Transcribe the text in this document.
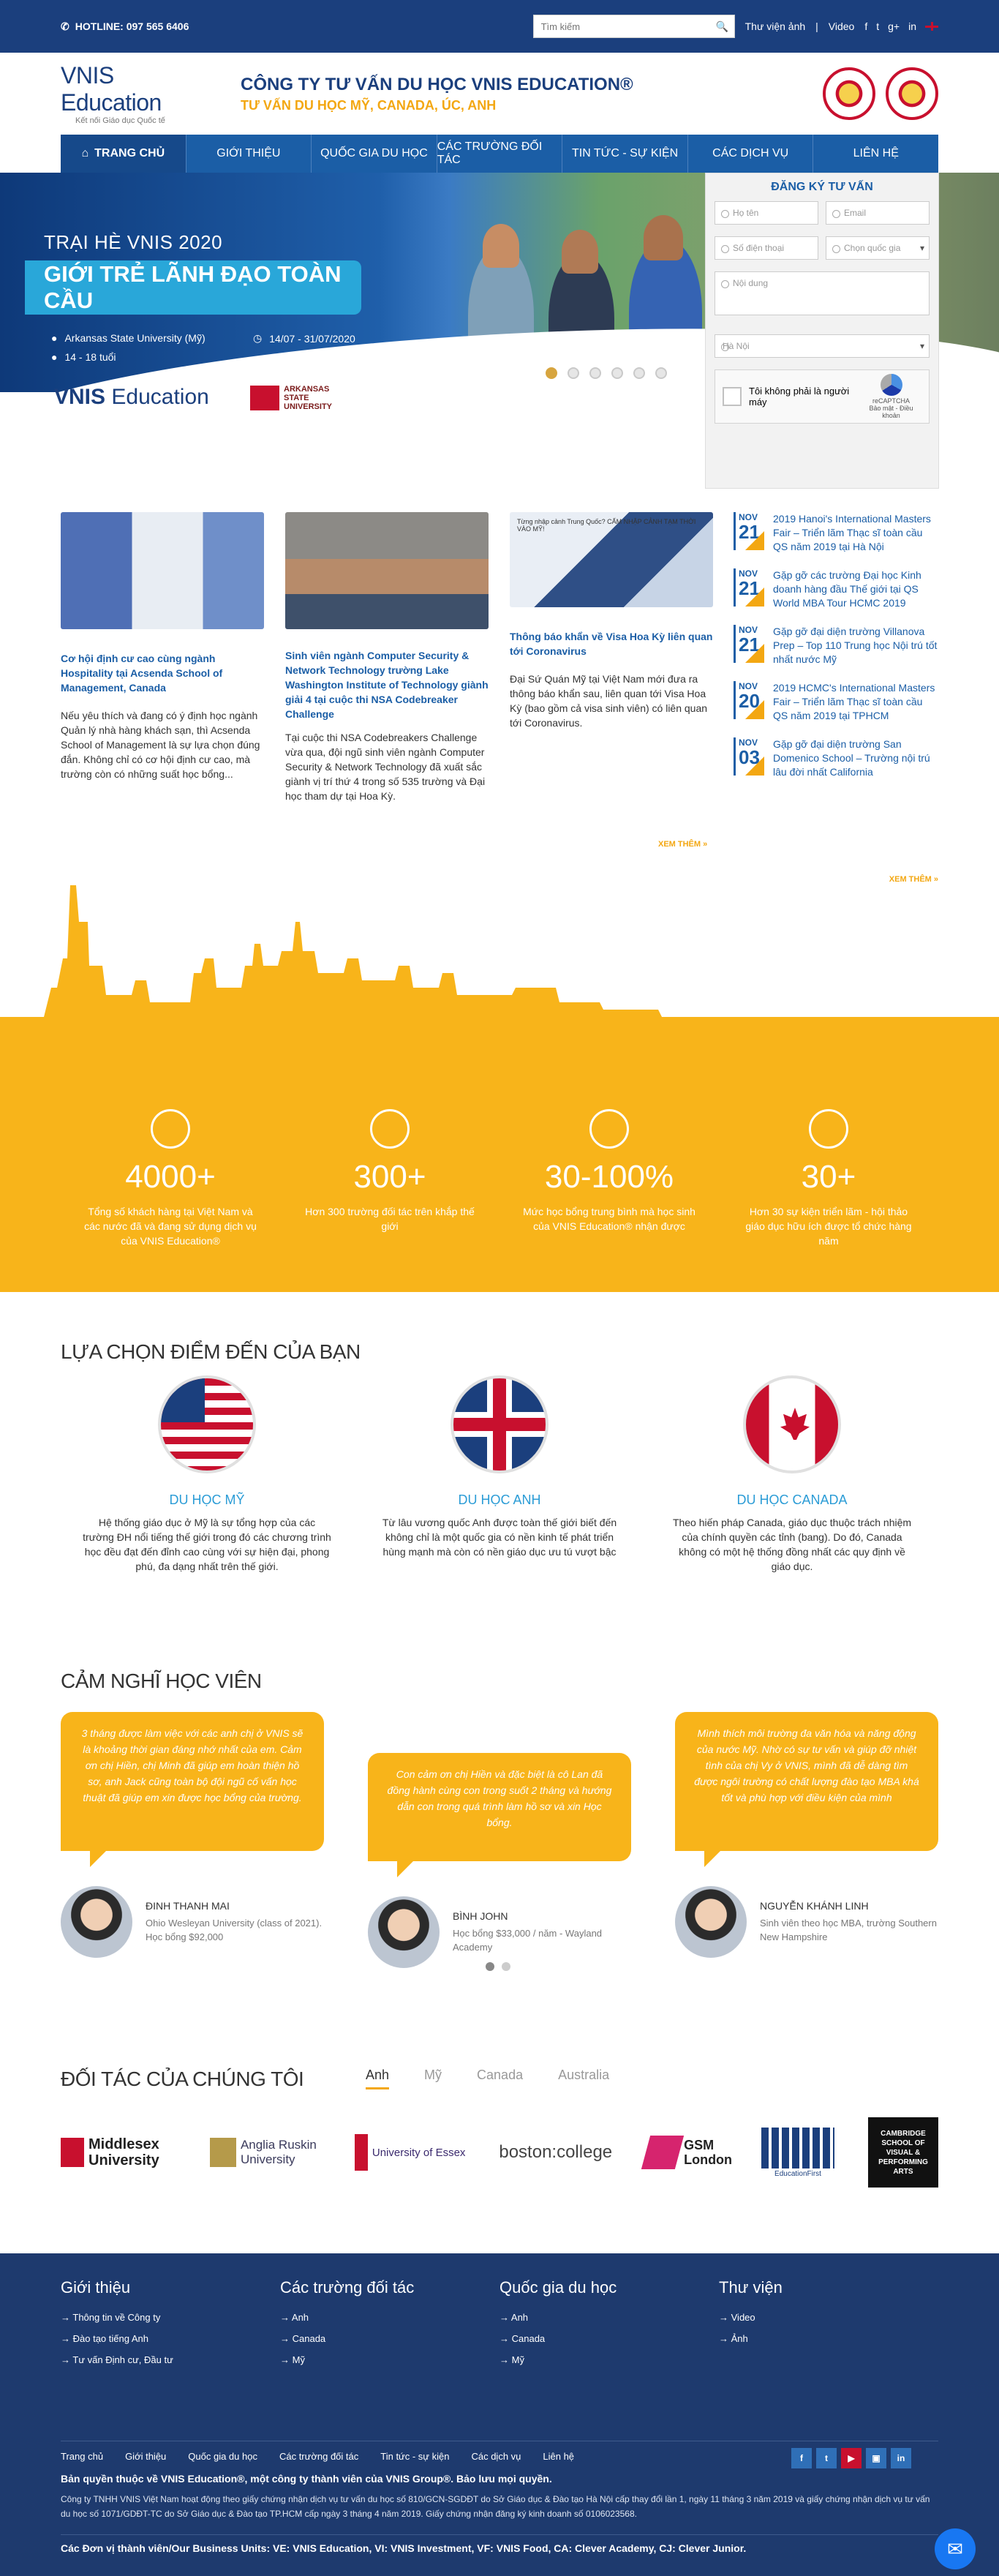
✆ HOTLINE: 097 565 6406
Tìm kiếm	🔍	Thư viện ảnh | Video f t g+ in
VNIS Education
Kết nối Giáo dục Quốc tế
CÔNG TY TƯ VẤN DU HỌC VNIS EDUCATION®
TƯ VẤN DU HỌC MỸ, CANADA, ÚC, ANH
⌂ TRANG CHỦ	GIỚI THIỆU	QUỐC GIA DU HỌC
CÁC TRƯỜNG ĐỐI TÁC
TIN TỨC - SỰ KIỆN	CÁC DỊCH VỤ	LIÊN HỆ
TRẠI HÈ VNIS 2020
GIỚI TRẺ LÃNH ĐẠO TOÀN CẦU
● Arkansas State University (Mỹ)	◷ 14/07 - 31/07/2020
● 14 - 18 tuổi
VNIS Education	ARKANSAS STATE UNIVERSITY
ĐĂNG KÝ TƯ VẤN
Họ tên	Email
Số điện thoại	Chọn quốc gia ▾
Nội dung
Hà Nội ▾
Tôi không phải là người máy	reCAPTCHA
Bảo mật - Điều khoản
Cơ hội định cư cao cùng ngành Hospitality tại Acsenda School of Management, Canada
Nếu yêu thích và đang có ý định học ngành Quản lý nhà hàng khách sạn, thì Acsenda School of Management là sự lựa chọn đúng đắn. Không chỉ có cơ hội định cư cao, mà trường còn có những suất học bổng...
Sinh viên ngành Computer Security & Network Technology trường Lake Washington Institute of Technology giành giải 4 tại cuộc thi NSA Codebreaker Challenge
Tại cuộc thi NSA Codebreakers Challenge vừa qua, đội ngũ sinh viên ngành Computer Security & Network Technology đã xuất sắc giành vị trí thứ 4 trong số 535 trường và Đại học tham dự tại Hoa Kỳ.
Từng nhập cảnh Trung Quốc? CẤM NHẬP CẢNH TẠM THỜI VÀO MỸ!
Thông báo khẩn về Visa Hoa Kỳ liên quan tới Coronavirus
Đại Sứ Quán Mỹ tại Việt Nam mới đưa ra thông báo khẩn sau, liên quan tới Visa Hoa Kỳ (bao gồm cả visa sinh viên) có liên quan tới Coronavirus.
XEM THÊM »
NOV
21
2019 Hanoi's International Masters Fair – Triển lãm Thạc sĩ toàn cầu QS năm 2019 tại Hà Nội
NOV
21
Gặp gỡ các trường Đại học Kinh doanh hàng đầu Thế giới tại QS World MBA Tour HCMC 2019
NOV
21
Gặp gỡ đại diện trường Villanova Prep – Top 110 Trung học Nội trú tốt nhất nước Mỹ
NOV
20
2019 HCMC's International Masters Fair – Triển lãm Thạc sĩ toàn cầu QS năm 2019 tại TPHCM
NOV
03
Gặp gỡ đại diện trường San Domenico School – Trường nội trú lâu đời nhất California
XEM THÊM »
4000+
Tổng số khách hàng tại Việt Nam và các nước đã và đang sử dụng dịch vụ của VNIS Education®
300+
Hơn 300 trường đối tác trên khắp thế giới
30-100%
Mức học bổng trung bình mà học sinh của VNIS Education® nhận được
30+
Hơn 30 sự kiện triển lãm - hội thảo giáo dục hữu ích được tổ chức hàng năm
LỰA CHỌN ĐIỂM ĐẾN CỦA BẠN
DU HỌC MỸ
Hệ thống giáo dục ở Mỹ là sự tổng hợp của các trường ĐH nổi tiếng thế giới trong đó các chương trình học đều đạt đến đỉnh cao cùng với sự hiện đại, phong phú, đa dạng nhất trên thế giới.
DU HỌC ANH
Từ lâu vương quốc Anh được toàn thế giới biết đến không chỉ là một quốc gia có nền kinh tế phát triển hùng mạnh mà còn có nền giáo dục ưu tú vượt bậc
DU HỌC CANADA
Theo hiến pháp Canada, giáo dục thuộc trách nhiệm của chính quyền các tỉnh (bang). Do đó, Canada không có một hệ thống đồng nhất các quy định về giáo dục.
CẢM NGHĨ HỌC VIÊN
3 tháng được làm việc với các anh chị ở VNIS sẽ là khoảng thời gian đáng nhớ nhất của em. Cảm ơn chị Hiền, chị Minh đã giúp em hoàn thiện hồ sơ, anh Jack cũng toàn bộ đội ngũ cố vấn học thuật đã giúp em xin được học bổng của trường.
ĐINH THANH MAI
Ohio Wesleyan University (class of 2021). Học bổng $92,000
Con cảm ơn chị Hiền và đặc biệt là cô Lan đã đồng hành cùng con trong suốt 2 tháng và hướng dẫn con trong quá trình làm hồ sơ và xin Học bổng.
BÌNH JOHN
Học bổng $33,000 / năm - Wayland Academy
Mình thích môi trường đa văn hóa và năng động của nước Mỹ. Nhờ có sự tư vấn và giúp đỡ nhiệt tình của chị Vy ở VNIS, mình đã dễ dàng tìm được ngôi trường có chất lượng đào tạo MBA khá tốt và phù hợp với điều kiện của mình
NGUYỄN KHÁNH LINH
Sinh viên theo học MBA, trường Southern New Hampshire
ĐỐI TÁC CỦA CHÚNG TÔI	Anh	Mỹ	Canada	Australia
Middlesex University
Anglia Ruskin University	University of Essex boston:college	GSM London
EducationFirst
CAMBRIDGE SCHOOL OF VISUAL & PERFORMING ARTS
Giới thiệu
→ Thông tin về Công ty
→ Đào tạo tiếng Anh
→ Tư vấn Định cư, Đầu tư
Các trường đối tác
→ Anh
→ Canada
→ Mỹ
Quốc gia du học
→ Anh
→ Canada
→ Mỹ
Thư viện
→ Video
→ Ảnh
Trang chủ Giới thiệu Quốc gia du học Các trường đối tác Tin tức - sự kiện Các dịch vụ Liên hệ	f	t	▶	▣	in
Bản quyền thuộc về VNIS Education®, một công ty thành viên của VNIS Group®. Bảo lưu mọi quyền.
Công ty TNHH VNIS Việt Nam hoạt động theo giấy chứng nhận dịch vụ tư vấn du học số 810/GCN-SGDĐT do Sở Giáo dục & Đào tạo Hà Nội cấp thay đổi lần 1, ngày 11 tháng 3 năm 2019 và giấy chứng nhận dịch vụ tư vấn du học số 1071/GDĐT-TC do Sở Giáo dục & Đào tạo TP.HCM cấp ngày 3 tháng 4 năm 2019. Giấy chứng nhận đăng ký kinh doanh số 0106023568.
Các Đơn vị thành viên/Our Business Units: VE: VNIS Education, VI: VNIS Investment, VF: VNIS Food, CA: Clever Academy, CJ: Clever Junior.	✉
